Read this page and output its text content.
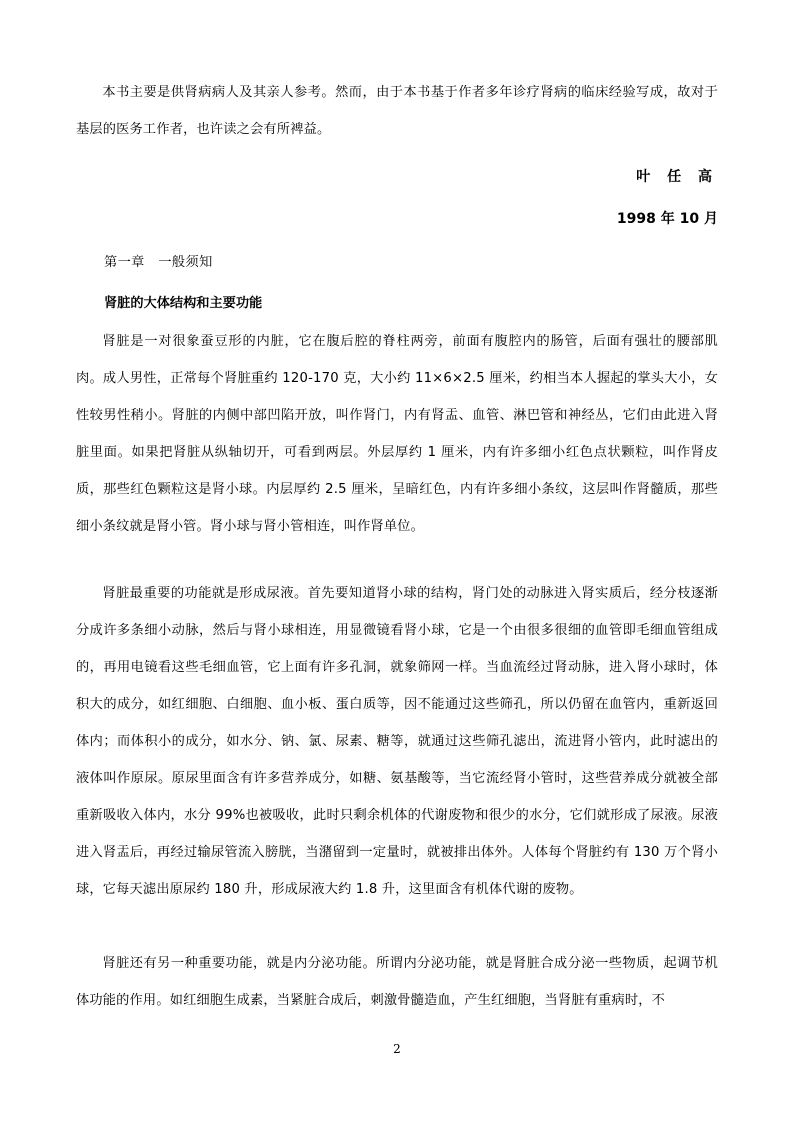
本书主要是供肾病病人及其亲人参考。然而，由于本书基于作者多年诊疗肾病的临床经验写成，故对于基层的医务工作者，也许读之会有所裨益。

叶 任 高

1998 年 10 月

第一章　一般须知

肾脏的大体结构和主要功能

肾脏是一对很象蚕豆形的内脏，它在腹后腔的脊柱两旁，前面有腹腔内的肠管，后面有强壮的腰部肌肉。成人男性，正常每个肾脏重约 120-170 克，大小约 11×6×2.5 厘米，约相当本人握起的掌头大小，女性较男性稍小。肾脏的内侧中部凹陷开放，叫作肾门，内有肾盂、血管、淋巴管和神经丛，它们由此进入肾脏里面。如果把肾脏从纵轴切开，可看到两层。外层厚约 1 厘米，内有许多细小红色点状颗粒，叫作肾皮质，那些红色颗粒这是肾小球。内层厚约 2.5 厘米，呈暗红色，内有许多细小条纹，这层叫作肾髓质，那些细小条纹就是肾小管。肾小球与肾小管相连，叫作肾单位。

肾脏最重要的功能就是形成尿液。首先要知道肾小球的结构，肾门处的动脉进入肾实质后，经分枝逐渐分成许多条细小动脉，然后与肾小球相连，用显微镜看肾小球，它是一个由很多很细的血管即毛细血管组成的，再用电镜看这些毛细血管，它上面有许多孔洞，就象筛网一样。当血流经过肾动脉，进入肾小球时，体积大的成分，如红细胞、白细胞、血小板、蛋白质等，因不能通过这些筛孔，所以仍留在血管内，重新返回体内；而体积小的成分，如水分、钠、氯、尿素、糖等，就通过这些筛孔滤出，流进肾小管内，此时滤出的液体叫作原尿。原尿里面含有许多营养成分，如糖、氨基酸等，当它流经肾小管时，这些营养成分就被全部重新吸收入体内，水分 99%也被吸收，此时只剩余机体的代谢废物和很少的水分，它们就形成了尿液。尿液进入肾盂后，再经过输尿管流入膀胱，当潴留到一定量时，就被排出体外。人体每个肾脏约有 130 万个肾小球，它每天滤出原尿约 180 升，形成尿液大约 1.8 升，这里面含有机体代谢的废物。

肾脏还有另一种重要功能，就是内分泌功能。所谓内分泌功能，就是肾脏合成分泌一些物质，起调节机体功能的作用。如红细胞生成素，当紧脏合成后，刺激骨髓造血，产生红细胞，当肾脏有重病时，不

2
